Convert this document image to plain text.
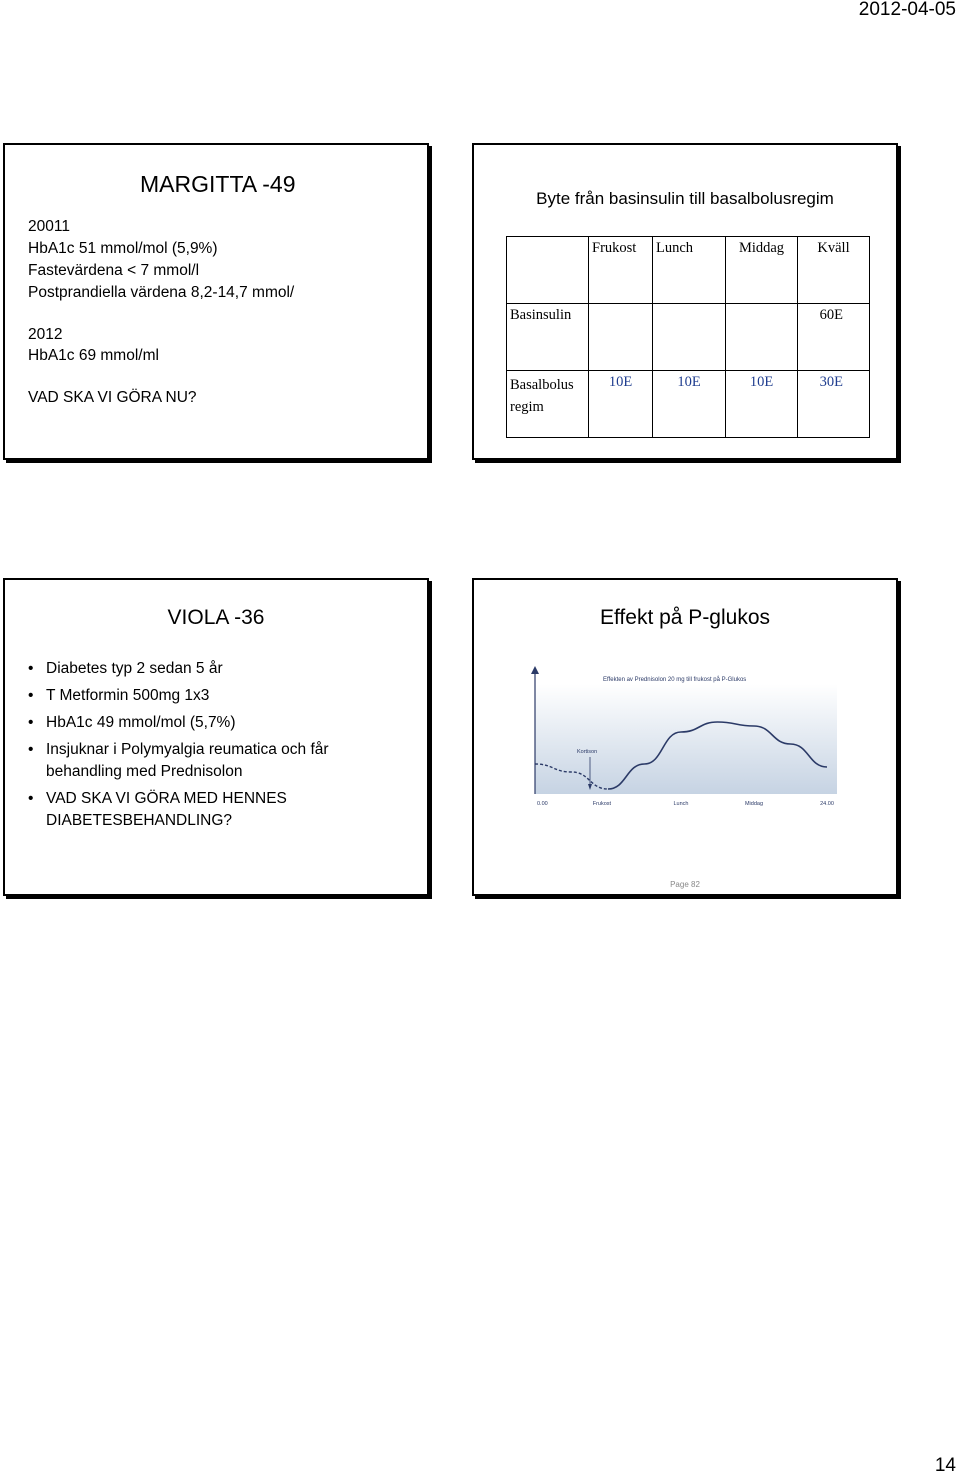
2012-04-05
MARGITTA -49
20011
HbA1c 51 mmol/mol (5,9%)
Fastevärdena < 7 mmol/l
Postprandiella värdena 8,2-14,7 mmol/
2012
HbA1c 69 mmol/ml
VAD SKA VI GÖRA NU?
Byte från basinsulin till basalbolusregim
	Frukost	Lunch	Middag	Kväll
Basinsulin				60E
Basalbolus regim	10E	10E	10E	30E
VIOLA -36
• Diabetes typ 2 sedan 5 år
• T Metformin 500mg 1x3
• HbA1c 49 mmol/mol (5,7%)
• Insjuknar i Polymyalgia reumatica och får behandling med Prednisolon
• VAD SKA VI GÖRA MED HENNES DIABETESBEHANDLING?
Effekt på P-glukos
Effekten av Prednisolon 20 mg till frukost på P-Glukos
Kortison
0.00	Frukost	Lunch	Middag	24.00
Page 82
14
